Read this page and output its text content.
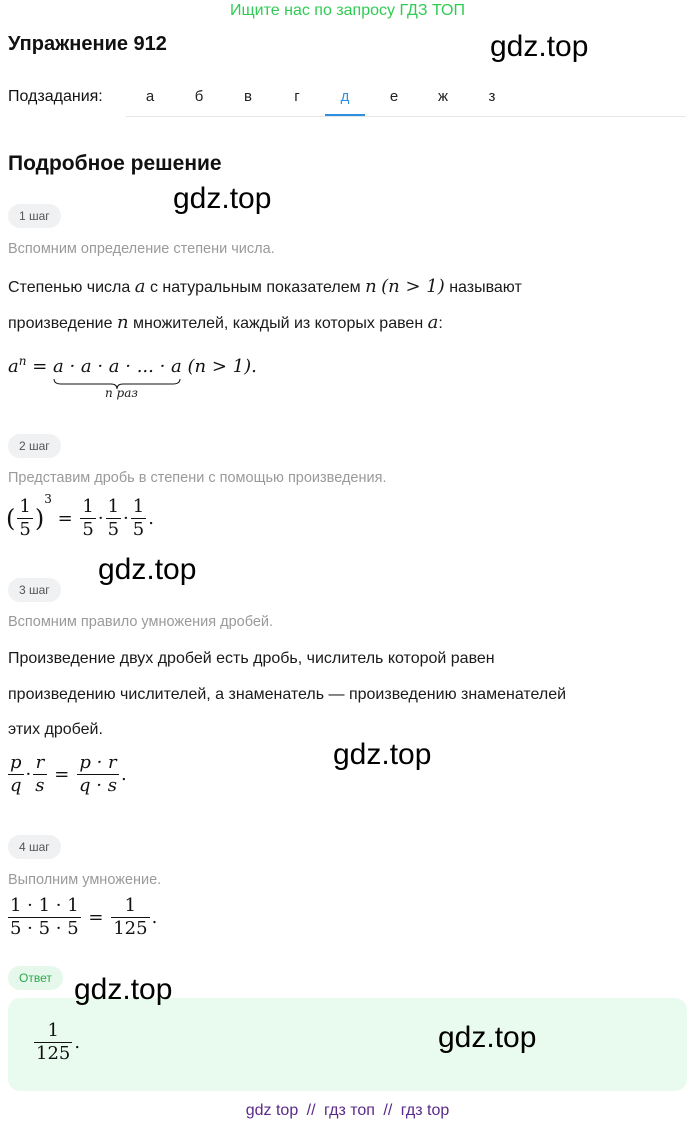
Ищите нас по запросу ГДЗ ТОП
Упражнение 912	gdz.top
Подзадания:	а	б	в	г	д	е	ж	з
Подробное решение
gdz.top
1 шаг
Вспомним определение степени числа.
Степенью числа a с натуральным показателем n (n > 1) называют
произведение n множителей, каждый из которых равен a:
$a^n = a \cdot a \cdot a$ · ... · a (n > 1).
n раз
2 шаг
Представим дробь в степени с помощью произведения.
( $\frac{1}{5} )^3 = \frac{1}{5} \cdot \frac{1}{5} \cdot \frac{1}{5}$ .
gdz.top
3 шаг
Вспомним правило умножения дробей.
Произведение двух дробей есть дробь, числитель которой равен
произведению числителей, а знаменатель — произведению знаменателей
этих дробей.
gdz.top
$\frac{p}{q} \cdot \frac{r}{s} = \frac{p \cdot r}{q \cdot s}$ .
4 шаг
Выполним умножение.
$\frac{1 \cdot 1 \cdot 1}{5 \cdot 5 \cdot 5} = \frac{1}{125}$ .
Ответ gdz.top
$\frac{1}{125}$ .	gdz.top
gdz top // гдз топ // гдз top
